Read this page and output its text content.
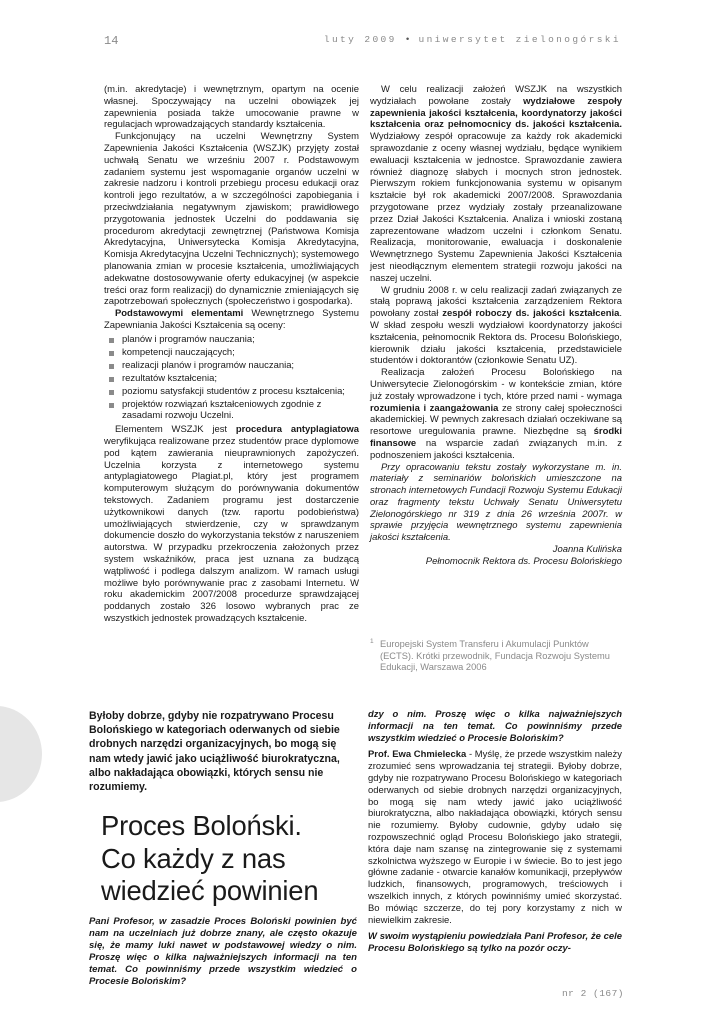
14	luty 2009 • uniwersytet zielonogórski

(m.in. akredytacje) i wewnętrznym, opartym na ocenie własnej. Spoczywający na uczelni obowiązek jej zapewnienia posiada także umocowanie prawne w regulacjach wprowadzających standardy kształcenia.

Funkcjonujący na uczelni Wewnętrzny System Zapewnienia Jakości Kształcenia (WSZJK) przyjęty został uchwałą Senatu we wrześniu 2007 r. Podstawowym zadaniem systemu jest wspomaganie organów uczelni w zakresie nadzoru i kontroli przebiegu procesu edukacji oraz kontroli jego rezultatów, a w szczególności zapobiegania i przeciwdziałania negatywnym zjawiskom; prawidłowego przygotowania jednostek Uczelni do poddawania się procedurom akredytacji zewnętrznej (Państwowa Komisja Akredytacyjna, Uniwersytecka Komisja Akredytacyjna, Komisja Akredytacyjna Uczelni Technicznych); systemowego planowania zmian w procesie kształcenia, umożliwiających adekwatne dostosowywanie oferty edukacyjnej (w aspekcie treści oraz form realizacji) do dynamicznie zmieniających się zapotrzebowań społecznych (społeczeństwo i gospodarka).

Podstawowymi elementami Wewnętrznego Systemu Zapewniania Jakości Kształcenia są oceny:

planów i programów nauczania;
kompetencji nauczających;
realizacji planów i programów nauczania;
rezultatów kształcenia;
poziomu satysfakcji studentów z procesu kształcenia;
projektów rozwiązań kształceniowych zgodnie z zasadami rozwoju Uczelni.

Elementem WSZJK jest procedura antyplagiatowa weryfikująca realizowane przez studentów prace dyplomowe pod kątem zawierania nieuprawnionych zapożyczeń. Uczelnia korzysta z internetowego systemu antyplagiatowego Plagiat.pl, który jest programem komputerowym służącym do porównywania dokumentów tekstowych. Zadaniem programu jest dostarczenie użytkownikowi danych (tzw. raportu podobieństwa) umożliwiających stwierdzenie, czy w sprawdzanym dokumencie doszło do wykorzystania tekstów z naruszeniem autorstwa. W przypadku przekroczenia założonych przez system wskaźników, praca jest uznana za budzącą wątpliwość i podlega dalszym analizom. W ramach usługi możliwe było porównywanie prac z zasobami Internetu. W roku akademickim 2007/2008 procedurze sprawdzającej poddanych zostało 326 losowo wybranych prac ze wszystkich jednostek prowadzących kształcenie.

W celu realizacji założeń WSZJK na wszystkich wydziałach powołane zostały wydziałowe zespoły zapewnienia jakości kształcenia, koordynatorzy jakości kształcenia oraz pełnomocnicy ds. jakości kształcenia. Wydziałowy zespół opracowuje za każdy rok akademicki sprawozdanie z oceny własnej wydziału, będące wynikiem ewaluacji kształcenia w jednostce. Sprawozdanie zawiera również diagnozę słabych i mocnych stron jednostek. Pierwszym rokiem funkcjonowania systemu w opisanym kształcie był rok akademicki 2007/2008. Sprawozdania przygotowane przez wydziały zostały przeanalizowane przez Dział Jakości Kształcenia. Analiza i wnioski zostaną zaprezentowane władzom uczelni i członkom Senatu. Realizacja, monitorowanie, ewaluacja i doskonalenie Wewnętrznego Systemu Zapewnienia Jakości Kształcenia jest nieodłącznym elementem strategii rozwoju jakości na naszej uczelni.

W grudniu 2008 r. w celu realizacji zadań związanych ze stałą poprawą jakości kształcenia zarządzeniem Rektora powołany został zespół roboczy ds. jakości kształcenia. W skład zespołu weszli wydziałowi koordynatorzy jakości kształcenia, pełnomocnik Rektora ds. Procesu Bolońskiego, kierownik działu jakości kształcenia, przedstawiciele studentów i doktorantów (członkowie Senatu UZ).

Realizacja założeń Procesu Bolońskiego na Uniwersytecie Zielonogórskim - w kontekście zmian, które już zostały wprowadzone i tych, które przed nami - wymaga rozumienia i zaangażowania ze strony całej społeczności akademickiej. W pewnych zakresach działań oczekiwane są resortowe uregulowania prawne. Niezbędne są środki finansowe na wsparcie zadań związanych m.in. z podnoszeniem jakości kształcenia.

Przy opracowaniu tekstu zostały wykorzystane m. in. materiały z seminariów bolońskich umieszczone na stronach internetowych Fundacji Rozwoju Systemu Edukacji oraz fragmenty tekstu Uchwały Senatu Uniwersytetu Zielonogórskiego nr 319 z dnia 26 września 2007r. w sprawie przyjęcia wewnętrznego systemu zapewnienia jakości kształcenia.

Joanna Kulińska

Pełnomocnik Rektora ds. Procesu Bolońskiego

$^1$ Europejski System Transferu i Akumulacji Punktów (ECTS). Krótki przewodnik, Fundacja Rozwoju Systemu Edukacji, Warszawa 2006
Byłoby dobrze, gdyby nie rozpatrywano Procesu Bolońskiego w kategoriach oderwanych od siebie drobnych narzędzi organizacyjnych, bo mogą się nam wtedy jawić jako uciążliwość biurokratyczna, albo nakładająca obowiązki, których sensu nie rozumiemy.
Proces Boloński.
Co każdy z nas
wiedzieć powinien
Pani Profesor, w zasadzie Proces Boloński powinien być nam na uczelniach już dobrze znany, ale często okazuje się, że mamy luki nawet w podstawowej wiedzy o nim. Proszę więc o kilka najważniejszych informacji na ten temat. Co powinniśmy przede wszystkim wiedzieć o Procesie Bolońskim?

dzy o nim. Proszę więc o kilka najważniejszych informacji na ten temat. Co powinniśmy przede wszystkim wiedzieć o Procesie Bolońskim?

Prof. Ewa Chmielecka - Myślę, że przede wszystkim należy zrozumieć sens wprowadzania tej strategii. Byłoby dobrze, gdyby nie rozpatrywano Procesu Bolońskiego w kategoriach oderwanych od siebie drobnych narzędzi organizacyjnych, bo mogą się nam wtedy jawić jako uciążliwość biurokratyczna, albo nakładająca obowiązki, których sensu nie rozumiemy. Byłoby cudownie, gdyby udało się rozpowszechnić ogląd Procesu Bolońskiego jako strategii, która daje nam szansę na zintegrowanie się z systemami szkolnictwa wyższego w Europie i w świecie. Bo to jest jego główne zadanie - otwarcie kanałów komunikacji, przepływów ludzkich, finansowych, programowych, treściowych i wszelkich innych, z których powinniśmy umieć skorzystać. Bo mówiąc szczerze, do tej pory korzystamy z nich w niewielkim zakresie.

W swoim wystąpieniu powiedziała Pani Profesor, że cele Procesu Bolońskiego są tylko na pozór oczy-

nr 2 (167)
